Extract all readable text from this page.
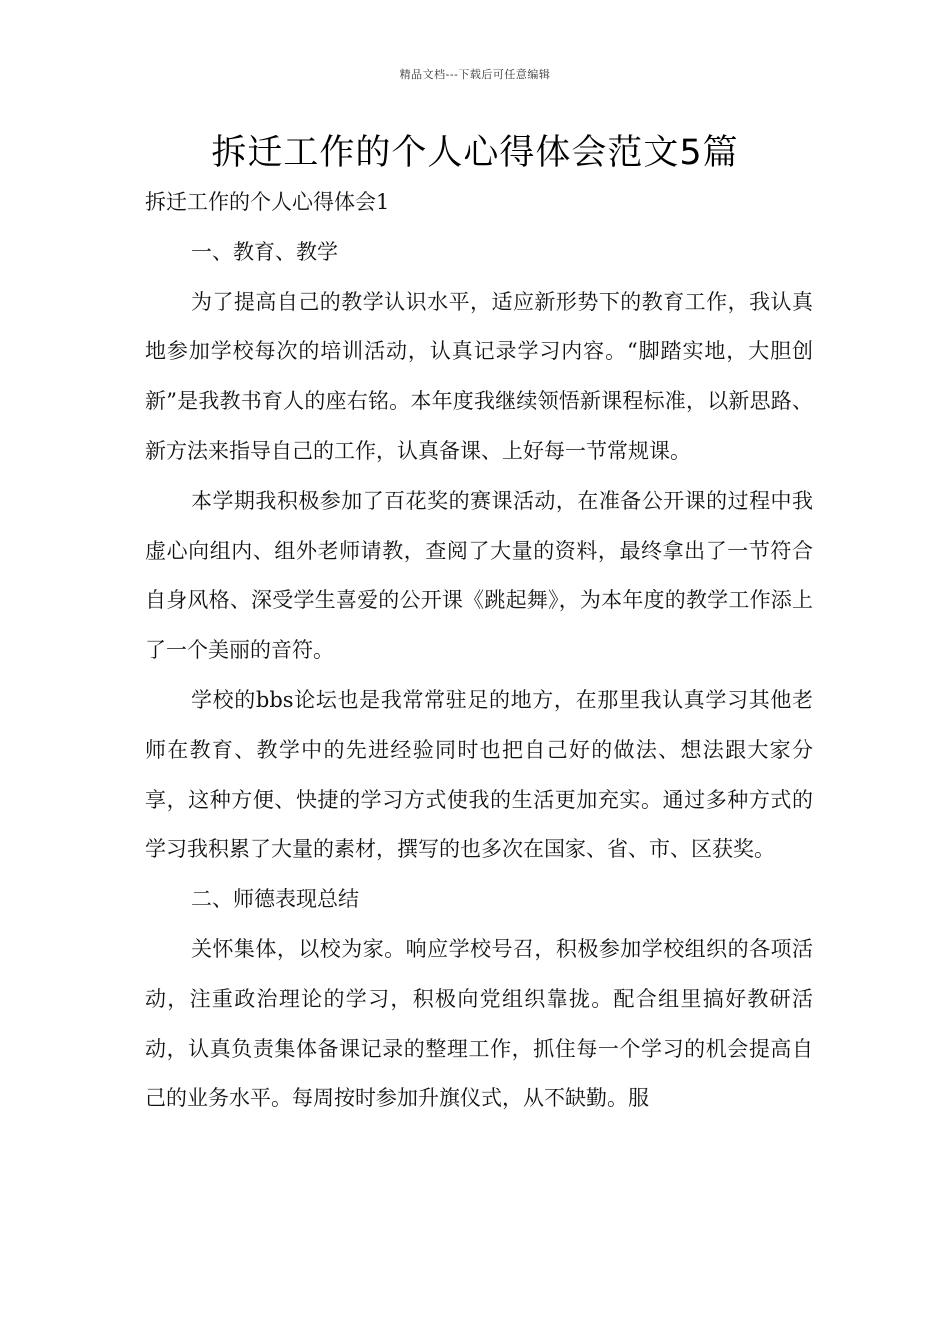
精品文档---下载后可任意编辑
拆迁工作的个人心得体会范文5篇

拆迁工作的个人心得体会1

一、教育、教学

为了提高自己的教学认识水平，适应新形势下的教育工作，我认真地参加学校每次的培训活动，认真记录学习内容。“脚踏实地，大胆创新”是我教书育人的座右铭。本年度我继续领悟新课程标准，以新思路、新方法来指导自己的工作，认真备课、上好每一节常规课。

本学期我积极参加了百花奖的赛课活动，在准备公开课的过程中我虚心向组内、组外老师请教，查阅了大量的资料，最终拿出了一节符合自身风格、深受学生喜爱的公开课《跳起舞》，为本年度的教学工作添上了一个美丽的音符。

学校的bbs论坛也是我常常驻足的地方，在那里我认真学习其他老师在教育、教学中的先进经验同时也把自己好的做法、想法跟大家分享，这种方便、快捷的学习方式使我的生活更加充实。通过多种方式的学习我积累了大量的素材，撰写的也多次在国家、省、市、区获奖。

二、师德表现总结

关怀集体，以校为家。响应学校号召，积极参加学校组织的各项活动，注重政治理论的学习，积极向党组织靠拢。配合组里搞好教研活动，认真负责集体备课记录的整理工作，抓住每一个学习的机会提高自己的业务水平。每周按时参加升旗仪式，从不缺勤。服
